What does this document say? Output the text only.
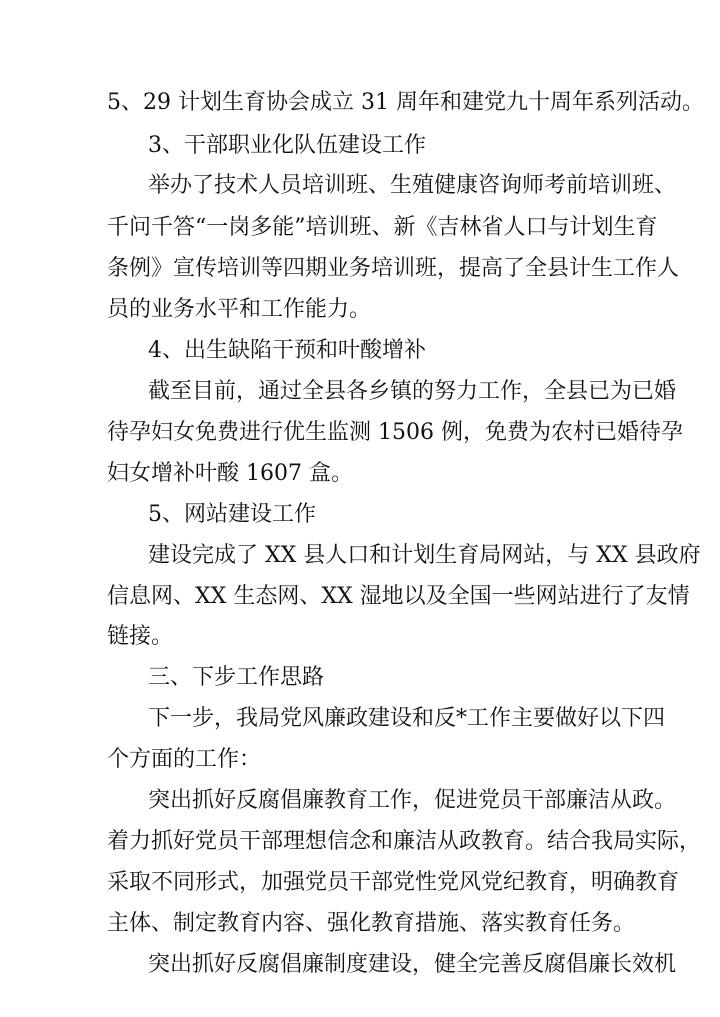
5、29 计划生育协会成立 31 周年和建党九十周年系列活动。
3、干部职业化队伍建设工作
举办了技术人员培训班、生殖健康咨询师考前培训班、
千问千答“一岗多能”培训班、新《吉林省人口与计划生育
条例》宣传培训等四期业务培训班，提高了全县计生工作人
员的业务水平和工作能力。
4、出生缺陷干预和叶酸增补
截至目前，通过全县各乡镇的努力工作，全县已为已婚
待孕妇女免费进行优生监测 1506 例，免费为农村已婚待孕
妇女增补叶酸 1607 盒。
5、网站建设工作
建设完成了 XX 县人口和计划生育局网站，与 XX 县政府
信息网、XX 生态网、XX 湿地以及全国一些网站进行了友情
链接。
三、下步工作思路
下一步，我局党风廉政建设和反*工作主要做好以下四
个方面的工作：
突出抓好反腐倡廉教育工作，促进党员干部廉洁从政。
着力抓好党员干部理想信念和廉洁从政教育。结合我局实际，
采取不同形式，加强党员干部党性党风党纪教育，明确教育
主体、制定教育内容、强化教育措施、落实教育任务。
突出抓好反腐倡廉制度建设，健全完善反腐倡廉长效机
